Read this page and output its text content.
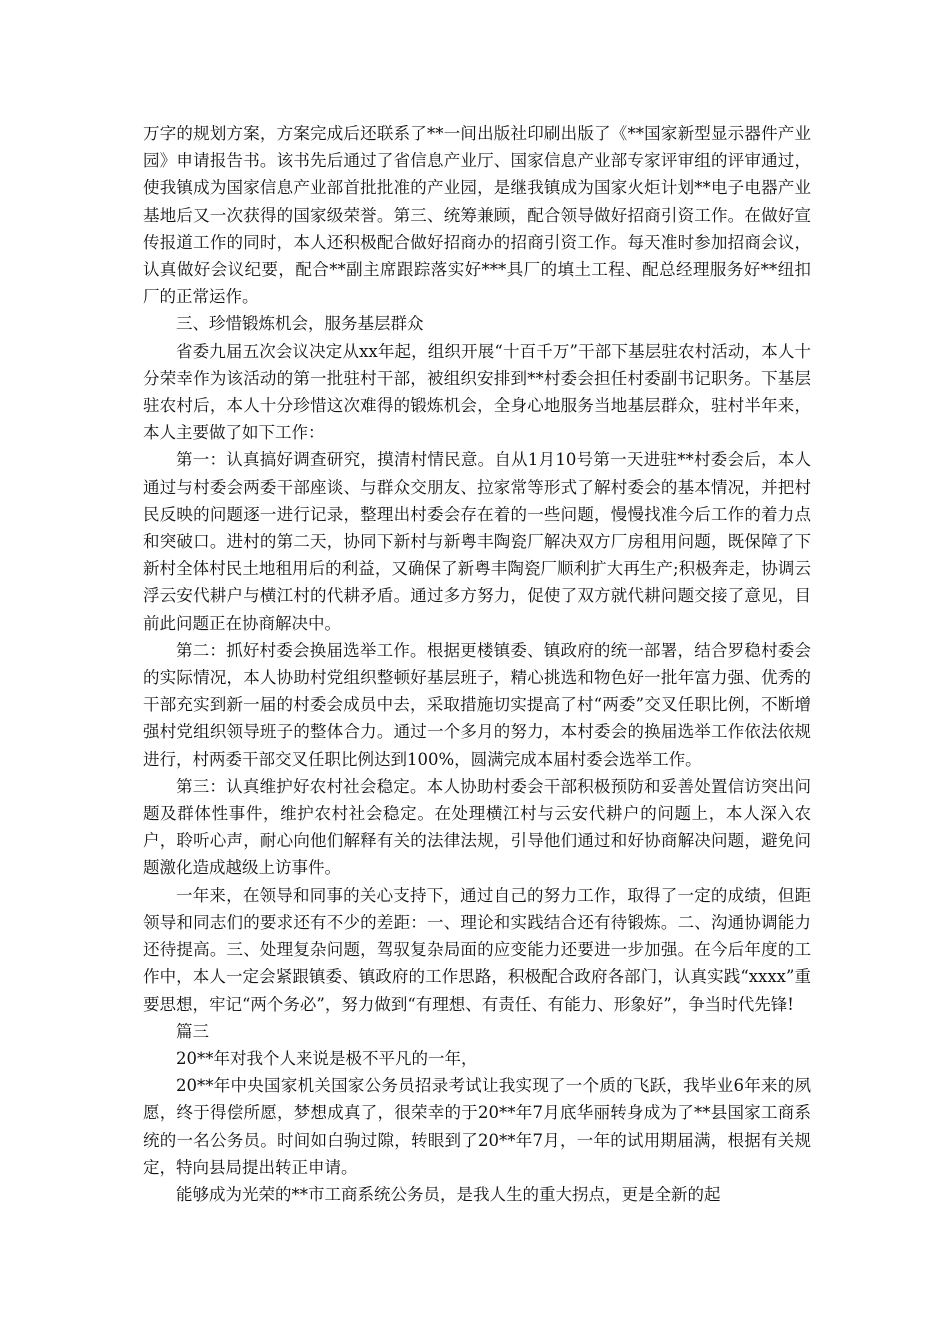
万字的规划方案，方案完成后还联系了**一间出版社印刷出版了《**国家新型显示器件产业园》申请报告书。该书先后通过了省信息产业厅、国家信息产业部专家评审组的评审通过，使我镇成为国家信息产业部首批批准的产业园，是继我镇成为国家火炬计划**电子电器产业基地后又一次获得的国家级荣誉。第三、统筹兼顾，配合领导做好招商引资工作。在做好宣传报道工作的同时，本人还积极配合做好招商办的招商引资工作。每天准时参加招商会议，认真做好会议纪要，配合**副主席跟踪落实好***具厂的填土工程、配总经理服务好**纽扣厂的正常运作。

三、珍惜锻炼机会，服务基层群众

省委九届五次会议决定从xx年起，组织开展“十百千万”干部下基层驻农村活动，本人十分荣幸作为该活动的第一批驻村干部，被组织安排到**村委会担任村委副书记职务。下基层驻农村后，本人十分珍惜这次难得的锻炼机会，全身心地服务当地基层群众，驻村半年来，本人主要做了如下工作：

第一：认真搞好调查研究，摸清村情民意。自从1月10号第一天进驻**村委会后，本人通过与村委会两委干部座谈、与群众交朋友、拉家常等形式了解村委会的基本情况，并把村民反映的问题逐一进行记录，整理出村委会存在着的一些问题，慢慢找准今后工作的着力点和突破口。进村的第二天，协同下新村与新粤丰陶瓷厂解决双方厂房租用问题，既保障了下新村全体村民土地租用后的利益，又确保了新粤丰陶瓷厂顺利扩大再生产;积极奔走，协调云浮云安代耕户与横江村的代耕矛盾。通过多方努力，促使了双方就代耕问题交接了意见，目前此问题正在协商解决中。

第二：抓好村委会换届选举工作。根据更楼镇委、镇政府的统一部署，结合罗稳村委会的实际情况，本人协助村党组织整顿好基层班子，精心挑选和物色好一批年富力强、优秀的干部充实到新一届的村委会成员中去，采取措施切实提高了村“两委”交叉任职比例，不断增强村党组织领导班子的整体合力。通过一个多月的努力，本村委会的换届选举工作依法依规进行，村两委干部交叉任职比例达到100%，圆满完成本届村委会选举工作。

第三：认真维护好农村社会稳定。本人协助村委会干部积极预防和妥善处置信访突出问题及群体性事件，维护农村社会稳定。在处理横江村与云安代耕户的问题上，本人深入农户，聆听心声，耐心向他们解释有关的法律法规，引导他们通过和好协商解决问题，避免问题激化造成越级上访事件。

一年来，在领导和同事的关心支持下，通过自己的努力工作，取得了一定的成绩，但距领导和同志们的要求还有不少的差距：一、理论和实践结合还有待锻炼。二、沟通协调能力还待提高。三、处理复杂问题，驾驭复杂局面的应变能力还要进一步加强。在今后年度的工作中，本人一定会紧跟镇委、镇政府的工作思路，积极配合政府各部门，认真实践“xxxx”重要思想，牢记“两个务必”，努力做到“有理想、有责任、有能力、形象好”，争当时代先锋!

篇三

20**年对我个人来说是极不平凡的一年，

20**年中央国家机关国家公务员招录考试让我实现了一个质的飞跃，我毕业6年来的夙愿，终于得偿所愿，梦想成真了，很荣幸的于20**年7月底华丽转身成为了**县国家工商系统的一名公务员。时间如白驹过隙，转眼到了20**年7月，一年的试用期届满，根据有关规定，特向县局提出转正申请。

能够成为光荣的**市工商系统公务员，是我人生的重大拐点，更是全新的起
